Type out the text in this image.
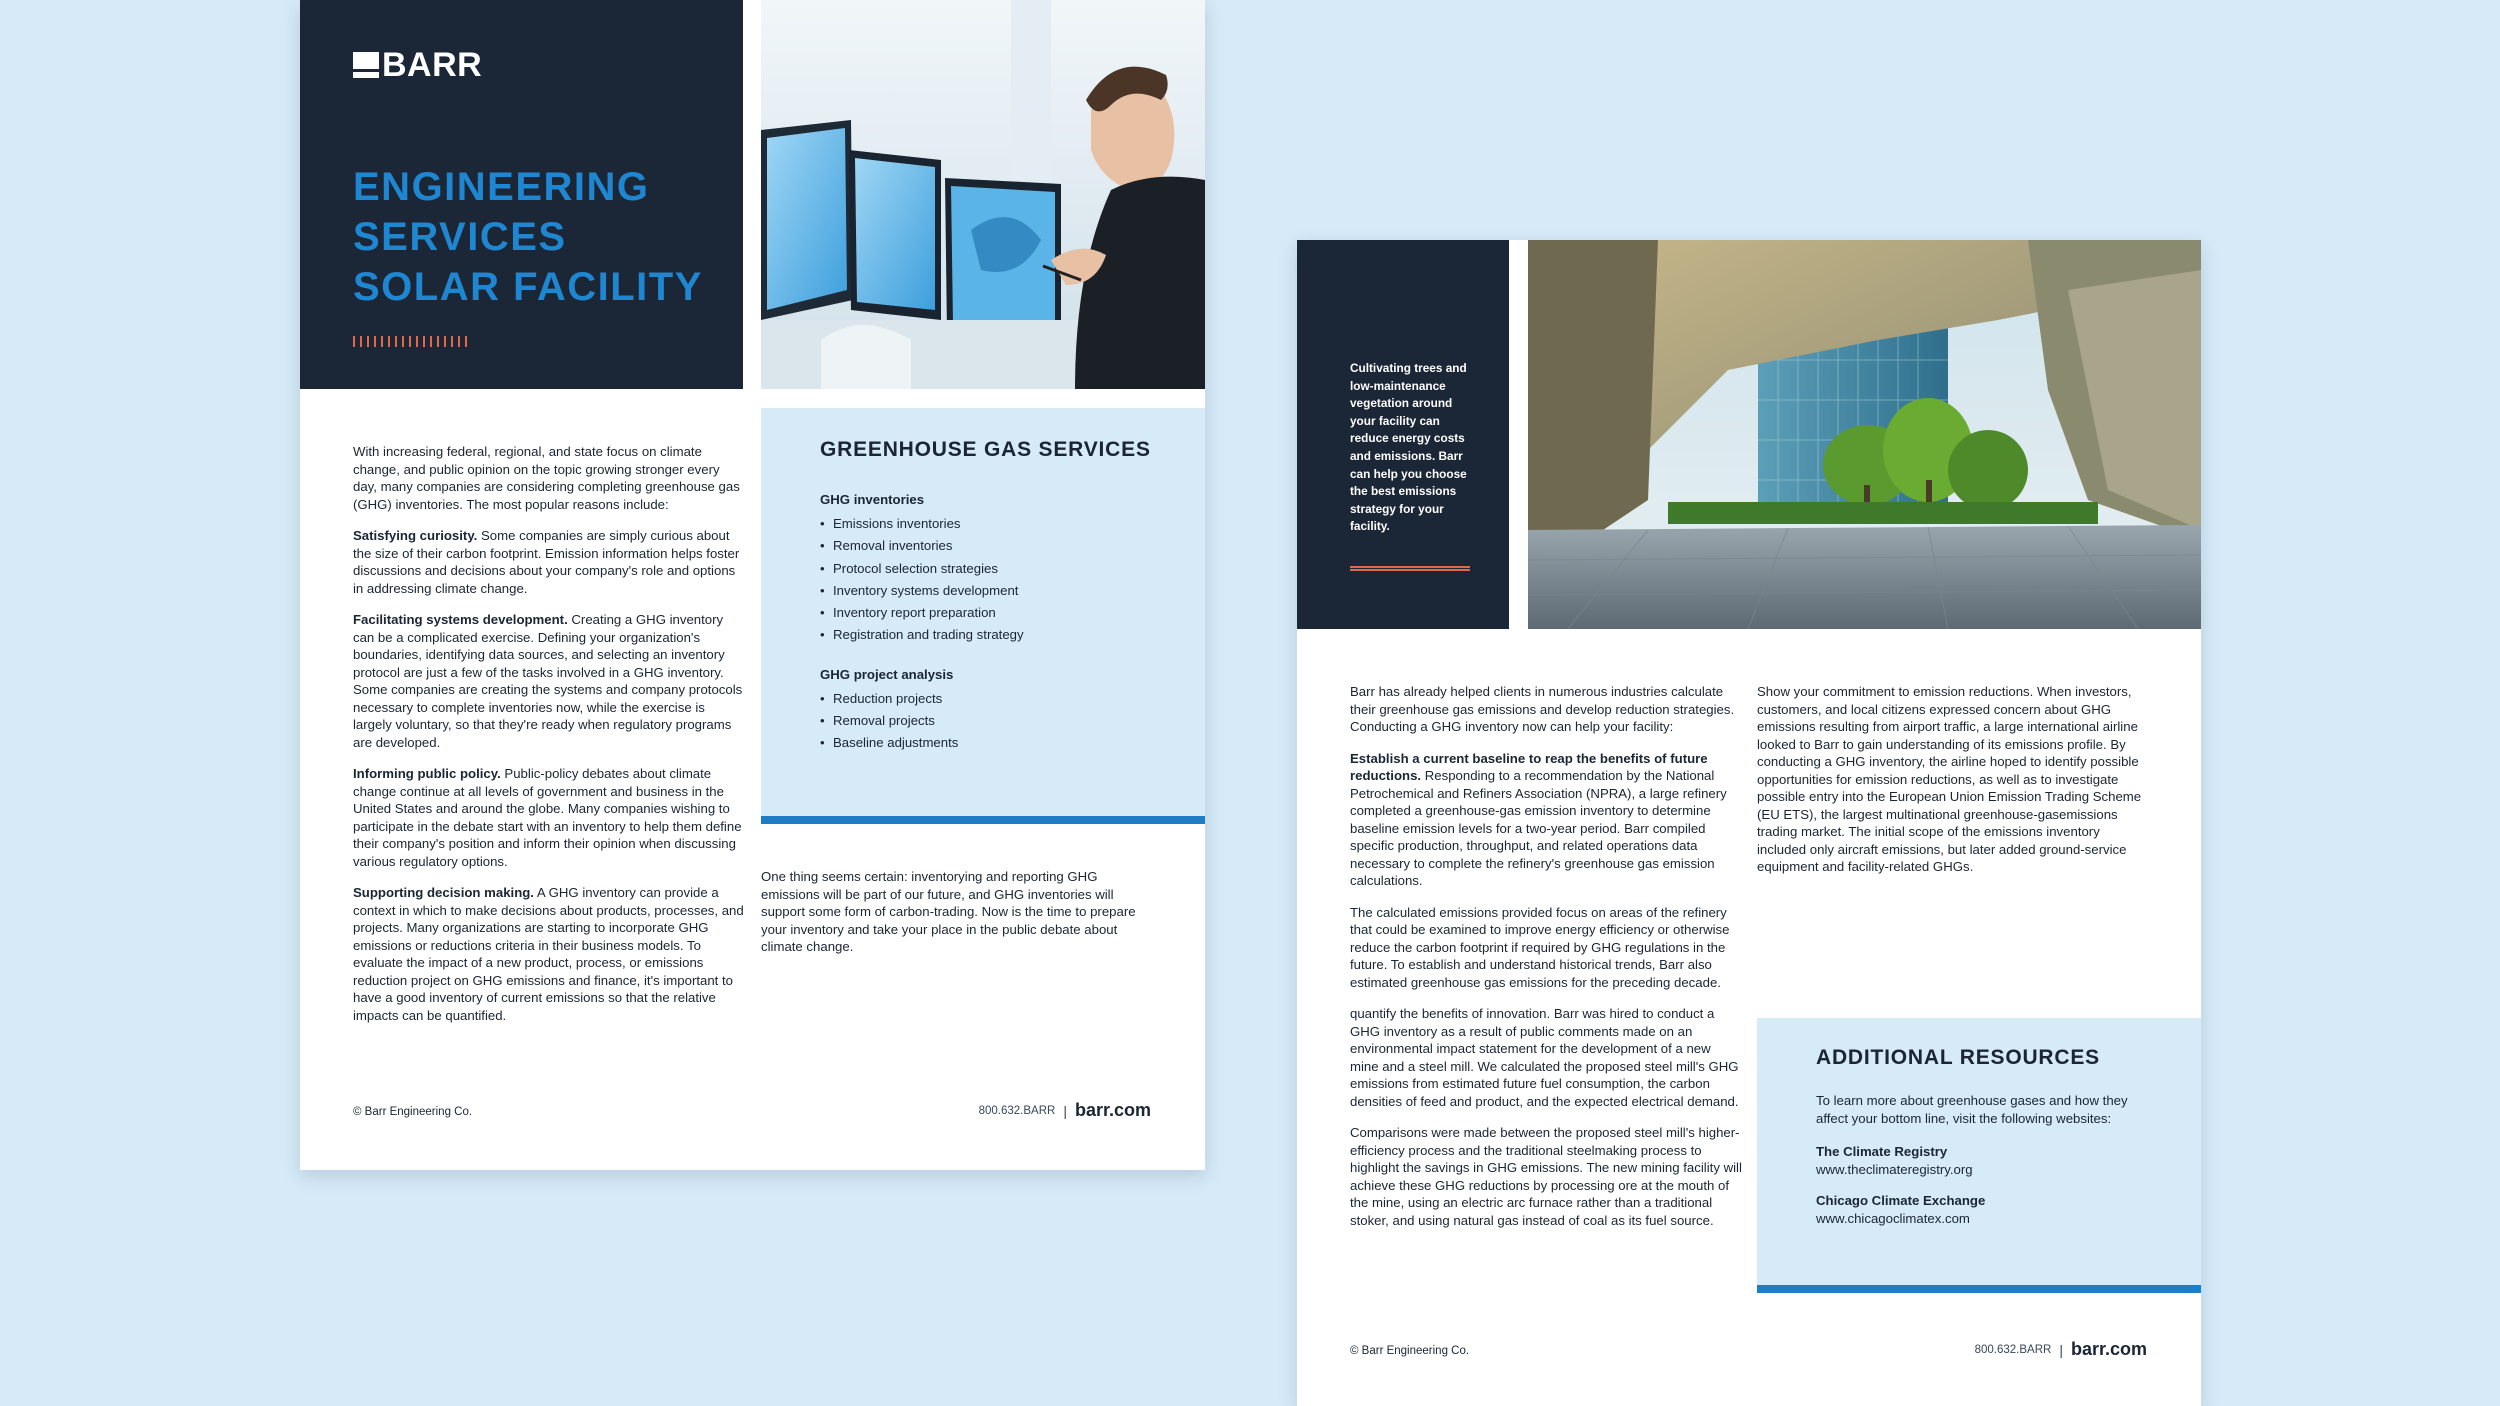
BARR
ENGINEERING SERVICES SOLAR FACILITY

With increasing federal, regional, and state focus on climate change, and public opinion on the topic growing stronger every day, many companies are considering completing greenhouse gas (GHG) inventories. The most popular reasons include:

Satisfying curiosity. Some companies are simply curious about the size of their carbon footprint. Emission information helps foster discussions and decisions about your company's role and options in addressing climate change.

Facilitating systems development. Creating a GHG inventory can be a complicated exercise. Defining your organization's boundaries, identifying data sources, and selecting an inventory protocol are just a few of the tasks involved in a GHG inventory. Some companies are creating the systems and company protocols necessary to complete inventories now, while the exercise is largely voluntary, so that they're ready when regulatory programs are developed.

Informing public policy. Public-policy debates about climate change continue at all levels of government and business in the United States and around the globe. Many companies wishing to participate in the debate start with an inventory to help them define their company's position and inform their opinion when discussing various regulatory options.

Supporting decision making. A GHG inventory can provide a context in which to make decisions about products, processes, and projects. Many organizations are starting to incorporate GHG emissions or reductions criteria in their business models. To evaluate the impact of a new product, process, or emissions reduction project on GHG emissions and finance, it's important to have a good inventory of current emissions so that the relative impacts can be quantified.

GREENHOUSE GAS SERVICES
GHG inventories
• Emissions inventories
• Removal inventories
• Protocol selection strategies
• Inventory systems development
• Inventory report preparation
• Registration and trading strategy
GHG project analysis
• Reduction projects
• Removal projects
• Baseline adjustments

One thing seems certain: inventorying and reporting GHG emissions will be part of our future, and GHG inventories will support some form of carbon-trading. Now is the time to prepare your inventory and take your place in the public debate about climate change.

© Barr Engineering Co.	800.632.BARR | barr.com

Cultivating trees and low-maintenance vegetation around your facility can reduce energy costs and emissions. Barr can help you choose the best emissions strategy for your facility.

Barr has already helped clients in numerous industries calculate their greenhouse gas emissions and develop reduction strategies. Conducting a GHG inventory now can help your facility:

Establish a current baseline to reap the benefits of future reductions. Responding to a recommendation by the National Petrochemical and Refiners Association (NPRA), a large refinery completed a greenhouse-gas emission inventory to determine baseline emission levels for a two-year period. Barr compiled specific production, throughput, and related operations data necessary to complete the refinery's greenhouse gas emission calculations.

The calculated emissions provided focus on areas of the refinery that could be examined to improve energy efficiency or otherwise reduce the carbon footprint if required by GHG regulations in the future. To establish and understand historical trends, Barr also estimated greenhouse gas emissions for the preceding decade.

quantify the benefits of innovation. Barr was hired to conduct a GHG inventory as a result of public comments made on an environmental impact statement for the development of a new mine and a steel mill. We calculated the proposed steel mill's GHG emissions from estimated future fuel consumption, the carbon densities of feed and product, and the expected electrical demand.

Comparisons were made between the proposed steel mill's higher-efficiency process and the traditional steelmaking process to highlight the savings in GHG emissions. The new mining facility will achieve these GHG reductions by processing ore at the mouth of the mine, using an electric arc furnace rather than a traditional stoker, and using natural gas instead of coal as its fuel source.

Show your commitment to emission reductions. When investors, customers, and local citizens expressed concern about GHG emissions resulting from airport traffic, a large international airline looked to Barr to gain understanding of its emissions profile. By conducting a GHG inventory, the airline hoped to identify possible opportunities for emission reductions, as well as to investigate possible entry into the European Union Emission Trading Scheme (EU ETS), the largest multinational greenhouse-gasemissions trading market. The initial scope of the emissions inventory included only aircraft emissions, but later added ground-service equipment and facility-related GHGs.

ADDITIONAL RESOURCES

To learn more about greenhouse gases and how they affect your bottom line, visit the following websites:

The Climate Registry
www.theclimateregistry.org
Chicago Climate Exchange
www.chicagoclimatex.com
© Barr Engineering Co.	800.632.BARR | barr.com
